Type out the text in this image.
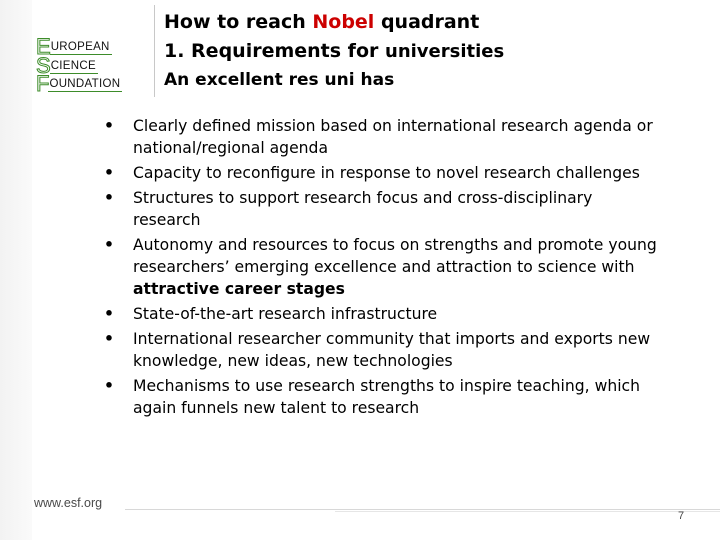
E UROPEAN
S CIENCE
F OUNDATION
How to reach Nobel quadrant
1. Requirements for universities
An excellent res uni has
• Clearly defined mission based on international research agenda or national/regional agenda
• Capacity to reconfigure in response to novel research challenges
• Structures to support research focus and cross-disciplinary research
• Autonomy and resources to focus on strengths and promote young researchers’ emerging excellence and attraction to science with attractive career stages
• State-of-the-art research infrastructure
• International researcher community that imports and exports new knowledge, new ideas, new technologies
• Mechanisms to use research strengths to inspire teaching, which again funnels new talent to research
www.esf.org
7
